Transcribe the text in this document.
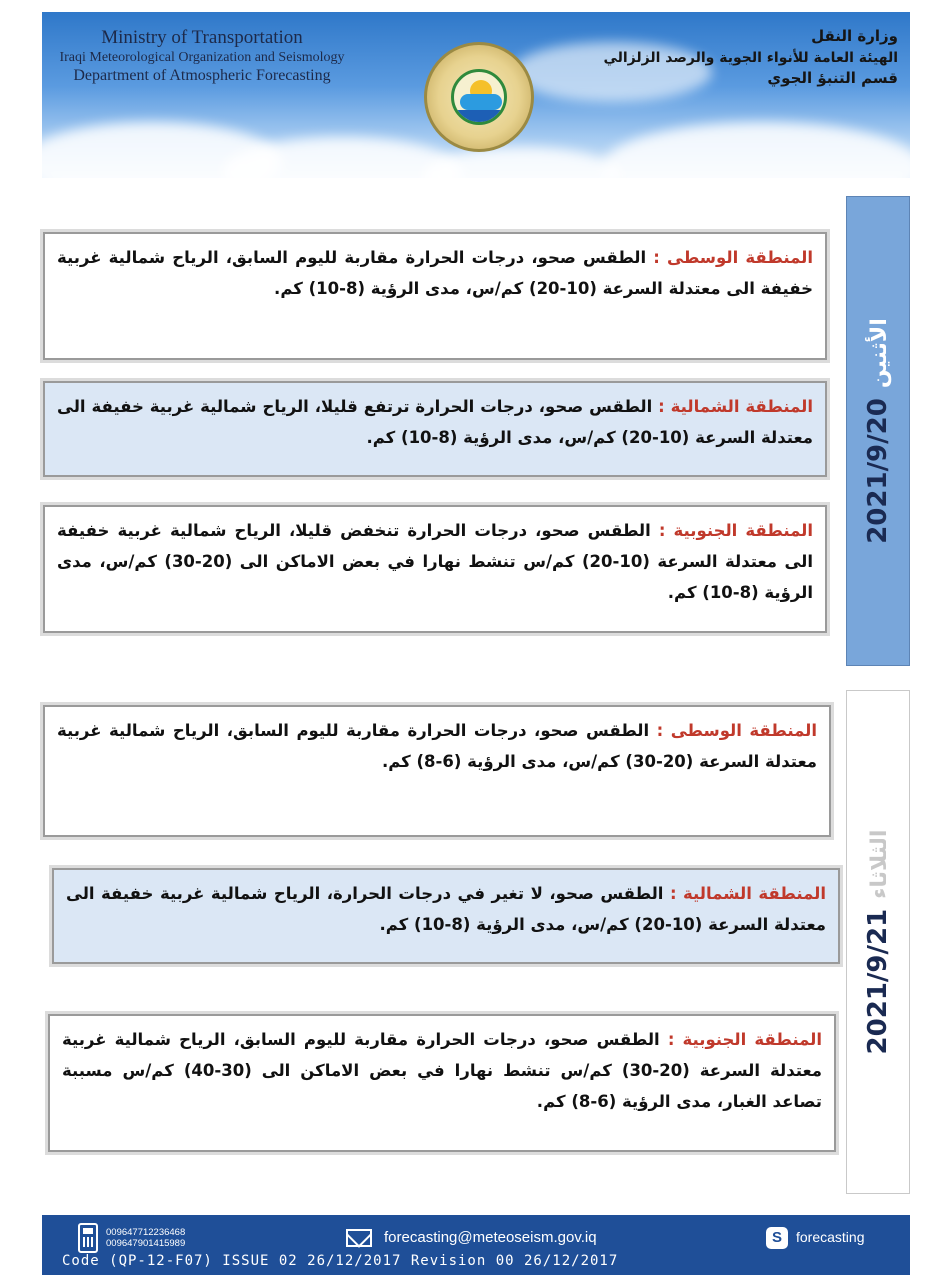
Ministry of Transportation
Iraqi Meteorological Organization and Seismology
Department of Atmospheric Forecasting
وزارة النقل
الهيئة العامة للأنواء الجوية والرصد الزلزالي
قسم التنبؤ الجوي
2021/9/20الأثنين
المنطقة الوسطى : الطقس صحو، درجات الحرارة مقاربة لليوم السابق، الرياح شمالية غربية خفيفة الى معتدلة السرعة (10-20) كم/س، مدى الرؤية (8-10) كم.
المنطقة الشمالية : الطقس صحو، درجات الحرارة ترتفع قليلا، الرياح شمالية غربية خفيفة الى معتدلة السرعة (10-20) كم/س، مدى الرؤية (8-10) كم.
المنطقة الجنوبية : الطقس صحو، درجات الحرارة تنخفض قليلا، الرياح شمالية غربية خفيفة الى معتدلة السرعة (10-20) كم/س تنشط نهارا في بعض الاماكن الى (20-30) كم/س، مدى الرؤية (8-10) كم.
2021/9/21الثلاثاء
المنطقة الوسطى : الطقس صحو، درجات الحرارة مقاربة لليوم السابق، الرياح شمالية غربية معتدلة السرعة (20-30) كم/س، مدى الرؤية (6-8) كم.
المنطقة الشمالية : الطقس صحو، لا تغير في درجات الحرارة، الرياح شمالية غربية خفيفة الى معتدلة السرعة (10-20) كم/س، مدى الرؤية (8-10) كم.
المنطقة الجنوبية : الطقس صحو، درجات الحرارة مقاربة لليوم السابق، الرياح شمالية غربية معتدلة السرعة (20-30) كم/س تنشط نهارا في بعض الاماكن الى (30-40) كم/س مسببة تصاعد الغبار، مدى الرؤية (6-8) كم.
009647712236468
009647901415989	forecasting@meteoseism.gov.iq	S	forecasting
Code (QP-12-F07) ISSUE 02 26/12/2017 Revision 00 26/12/2017
